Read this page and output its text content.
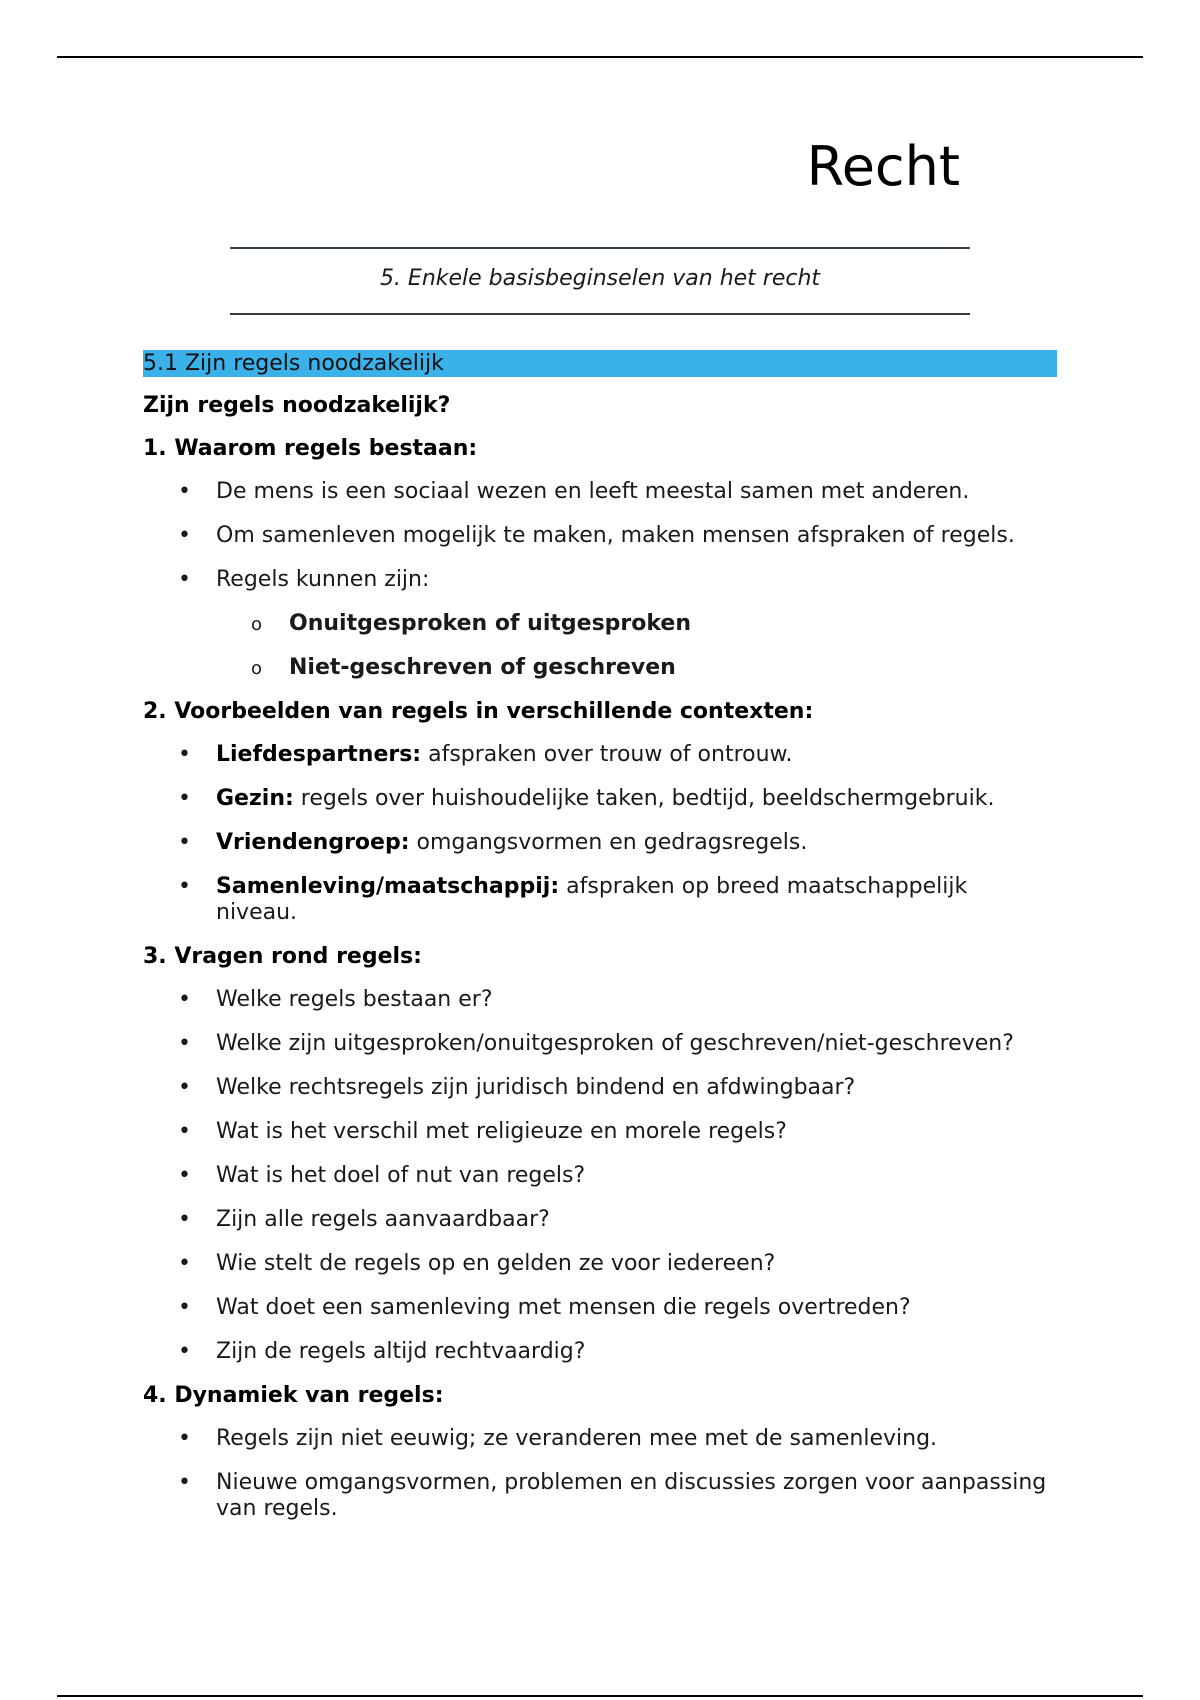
Recht
5. Enkele basisbeginselen van het recht
5.1 Zijn regels noodzakelijk
Zijn regels noodzakelijk?
1. Waarom regels bestaan:
• De mens is een sociaal wezen en leeft meestal samen met anderen.
• Om samenleven mogelijk te maken, maken mensen afspraken of regels.
• Regels kunnen zijn:
o Onuitgesproken of uitgesproken
o Niet-geschreven of geschreven
2. Voorbeelden van regels in verschillende contexten:
• Liefdespartners: afspraken over trouw of ontrouw.
• Gezin: regels over huishoudelijke taken, bedtijd, beeldschermgebruik.
• Vriendengroep: omgangsvormen en gedragsregels.
• Samenleving/maatschappij: afspraken op breed maatschappelijk niveau.
3. Vragen rond regels:
• Welke regels bestaan er?
• Welke zijn uitgesproken/onuitgesproken of geschreven/niet-geschreven?
• Welke rechtsregels zijn juridisch bindend en afdwingbaar?
• Wat is het verschil met religieuze en morele regels?
• Wat is het doel of nut van regels?
• Zijn alle regels aanvaardbaar?
• Wie stelt de regels op en gelden ze voor iedereen?
• Wat doet een samenleving met mensen die regels overtreden?
• Zijn de regels altijd rechtvaardig?
4. Dynamiek van regels:
• Regels zijn niet eeuwig; ze veranderen mee met de samenleving.
• Nieuwe omgangsvormen, problemen en discussies zorgen voor aanpassing van regels.
